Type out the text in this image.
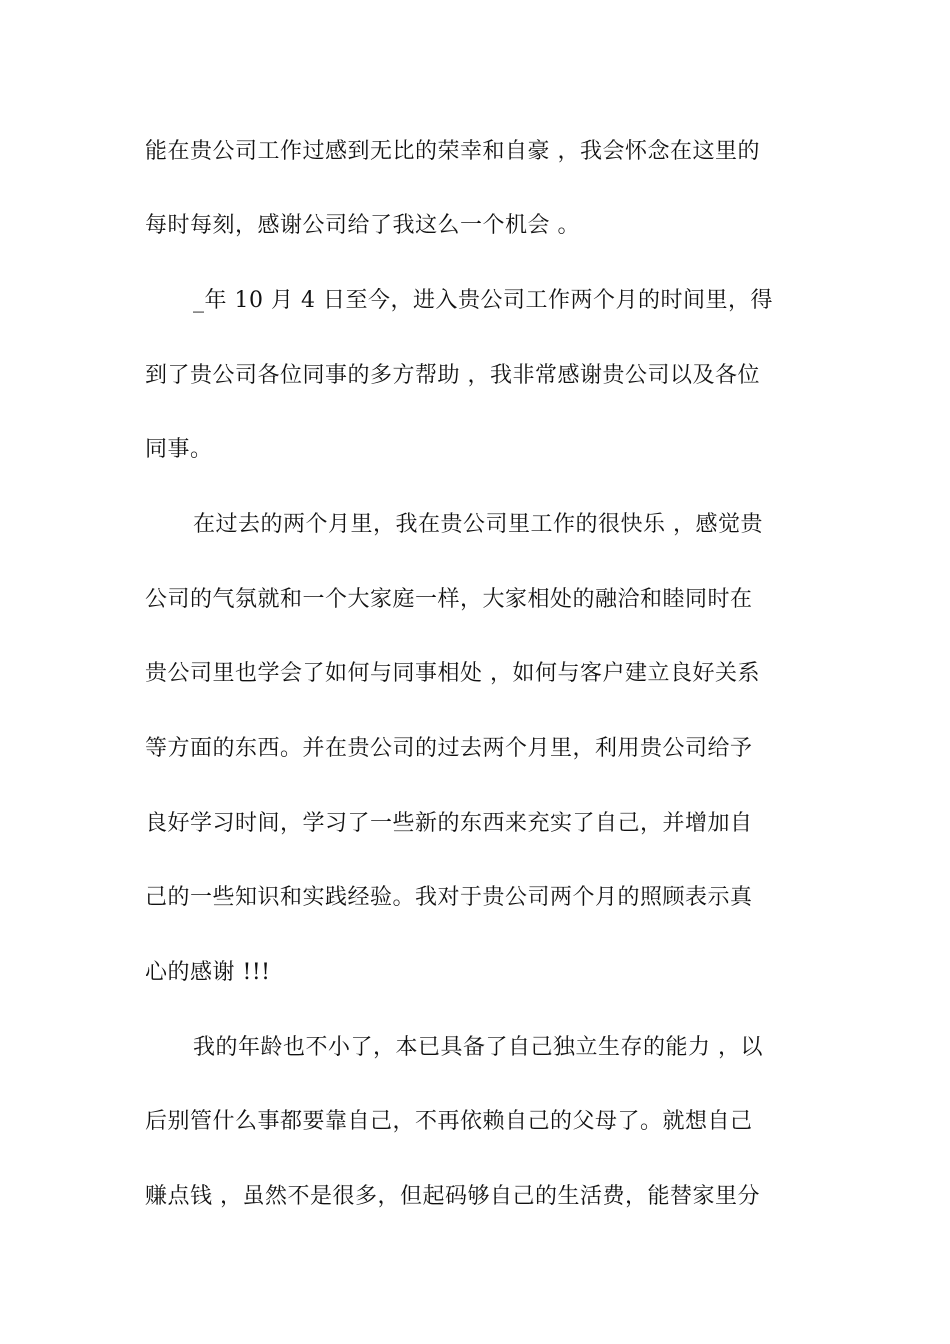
能在贵公司工作过感到无比的荣幸和自豪 ，我会怀念在这里的
每时每刻，感谢公司给了我这么一个机会 。
_年 10 月 4 日至今，进入贵公司工作两个月的时间里，得
到了贵公司各位同事的多方帮助 ，我非常感谢贵公司以及各位
同事。
在过去的两个月里，我在贵公司里工作的很快乐 ，感觉贵
公司的气氛就和一个大家庭一样，大家相处的融洽和睦同时在
贵公司里也学会了如何与同事相处 ，如何与客户建立良好关系
等方面的东西。并在贵公司的过去两个月里，利用贵公司给予
良好学习时间，学习了一些新的东西来充实了自己，并增加自
己的一些知识和实践经验。我对于贵公司两个月的照顾表示真
心的感谢 !!!
我的年龄也不小了，本已具备了自己独立生存的能力 ，以
后别管什么事都要靠自己，不再依赖自己的父母了。就想自己
赚点钱 ，虽然不是很多，但起码够自己的生活费，能替家里分
